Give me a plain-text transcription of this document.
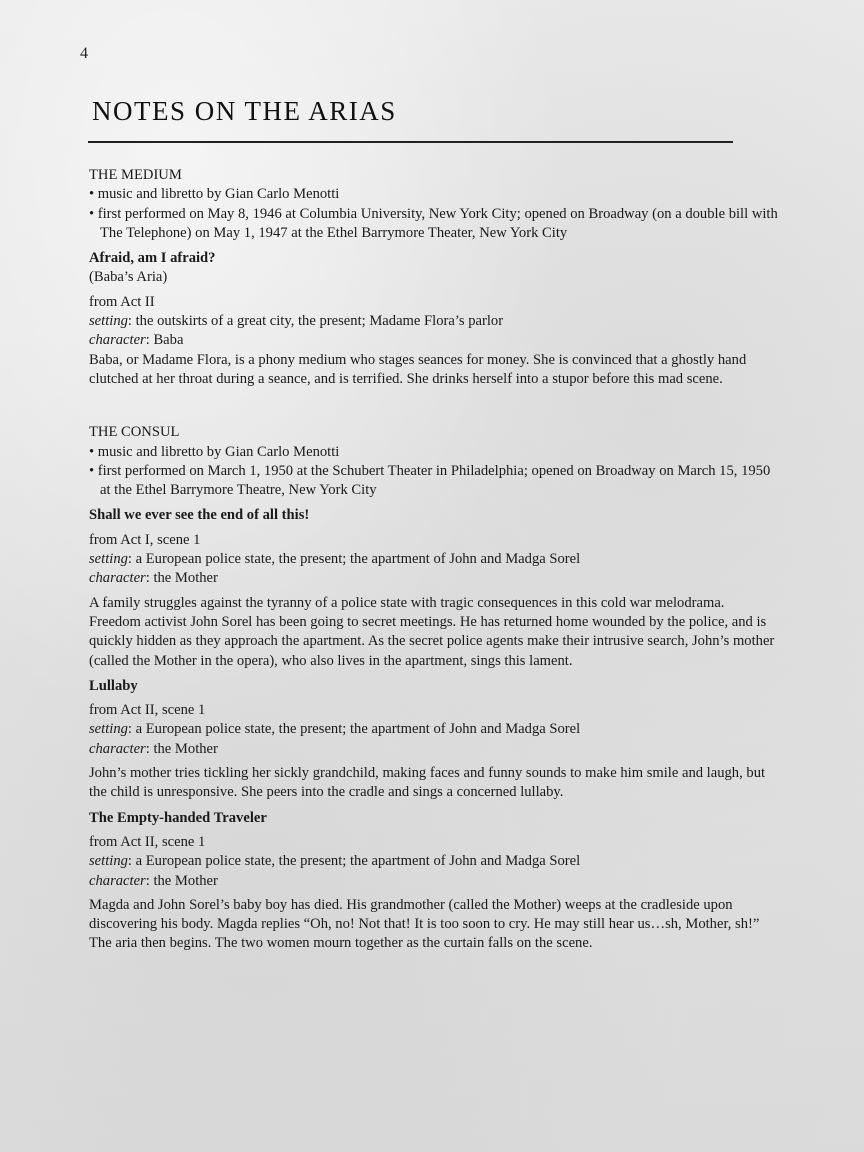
4
NOTES ON THE ARIAS

THE MEDIUM

• music and libretto by Gian Carlo Menotti

• first performed on May 8, 1946 at Columbia University, New York City; opened on Broadway (on a double bill with The Telephone) on May 1, 1947 at the Ethel Barrymore Theater, New York City

Afraid, am I afraid?

(Baba’s Aria)

from Act II

setting: the outskirts of a great city, the present; Madame Flora’s parlor

character: Baba

Baba, or Madame Flora, is a phony medium who stages seances for money. She is convinced that a ghostly hand clutched at her throat during a seance, and is terrified. She drinks herself into a stupor before this mad scene.

THE CONSUL

• music and libretto by Gian Carlo Menotti

• first performed on March 1, 1950 at the Schubert Theater in Philadelphia; opened on Broadway on March 15, 1950 at the Ethel Barrymore Theatre, New York City

Shall we ever see the end of all this!

from Act I, scene 1

setting: a European police state, the present; the apartment of John and Madga Sorel

character: the Mother

A family struggles against the tyranny of a police state with tragic consequences in this cold war melodrama. Freedom activist John Sorel has been going to secret meetings. He has returned home wounded by the police, and is quickly hidden as they approach the apartment. As the secret police agents make their intrusive search, John’s mother (called the Mother in the opera), who also lives in the apartment, sings this lament.

Lullaby

from Act II, scene 1

setting: a European police state, the present; the apartment of John and Madga Sorel

character: the Mother

John’s mother tries tickling her sickly grandchild, making faces and funny sounds to make him smile and laugh, but the child is unresponsive. She peers into the cradle and sings a concerned lullaby.

The Empty-handed Traveler

from Act II, scene 1

setting: a European police state, the present; the apartment of John and Madga Sorel

character: the Mother

Magda and John Sorel’s baby boy has died. His grandmother (called the Mother) weeps at the cradleside upon discovering his body. Magda replies “Oh, no! Not that! It is too soon to cry. He may still hear us…sh, Mother, sh!” The aria then begins. The two women mourn together as the curtain falls on the scene.
